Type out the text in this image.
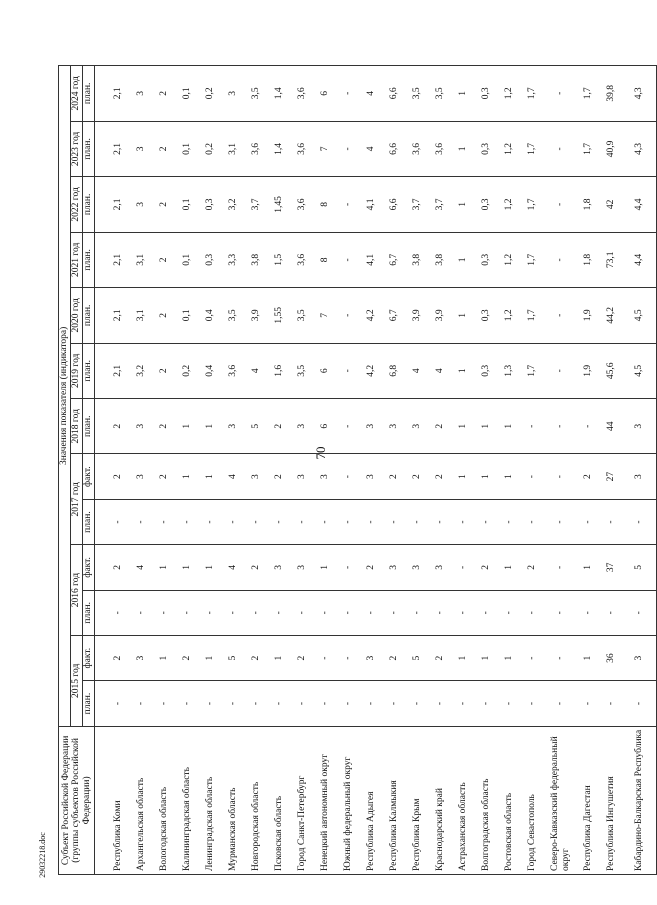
70
29032218.doc Субъект Российской Федерации (группы субъектов Российской Федерации)	Значения показателя (индикатора)												
	2015 год		2016 год		2017 год		2018 год	2019 год	2020 год	2021 год	2022 год	2023 год	2024 год
	план.	факт.	план.	факт.	план.	факт.	план.	план.	план.	план.	план.	план.	план.
Республика Коми	-	2	-	2	-	2	2	2,1	2,1	2,1	2,1	2,1	2,1
Архангельская область	-	3	-	4	-	3	3	3,2	3,1	3,1	3	3	3
Вологодская область	-	1	-	1	-	2	2	2	2	2	2	2	2
Калининградская область	-	2	-	1	-	1	1	0,2	0,1	0,1	0,1	0,1	0,1
Ленинградская область	-	1	-	1	-	1	1	0,4	0,4	0,3	0,3	0,2	0,2
Мурманская область	-	5	-	4	-	4	3	3,6	3,5	3,3	3,2	3,1	3
Новгородская область	-	2	-	2	-	3	5	4	3,9	3,8	3,7	3,6	3,5
Псковская область	-	1	-	3	-	2	2	1,6	1,55	1,5	1,45	1,4	1,4
Город Санкт-Петербург	-	2	-	3	-	3	3	3,5	3,5	3,6	3,6	3,6	3,6
Ненецкий автономный округ	-	-	-	1	-	3	6	6	7	8	8	7	6
Южный федеральный округ	-	-	-	-	-	-	-	-	-	-	-	-	-
Республика Адыгея	-	3	-	2	-	3	3	4,2	4,2	4,1	4,1	4	4
Республика Калмыкия	-	2	-	3	-	2	3	6,8	6,7	6,7	6,6	6,6	6,6
Республика Крым	-	5	-	3	-	2	3	4	3,9	3,8	3,7	3,6	3,5
Краснодарский край	-	2	-	3	-	2	2	4	3,9	3,8	3,7	3,6	3,5
Астраханская область	-	1	-	-	-	1	1	1	1	1	1	1	1
Волгоградская область	-	1	-	2	-	1	1	0,3	0,3	0,3	0,3	0,3	0,3
Ростовская область	-	1	-	1	-	1	1	1,3	1,2	1,2	1,2	1,2	1,2
Город Севастополь	-	-	-	2	-	-	-	1,7	1,7	1,7	1,7	1,7	1,7
Северо-Кавказский федеральный округ	-	-	-	-	-	-	-	-	-	-	-	-	-
Республика Дагестан	-	1	-	1	-	2	-	1,9	1,9	1,8	1,8	1,7	1,7
Республика Ингушетия	-	36	-	37	-	27	44	45,6	44,2	73,1	42	40,9	39,8
Кабардино-Балкарская Республика	-	3	-	5	-	3	3	4,5	4,5	4,4	4,4	4,3	4,3
